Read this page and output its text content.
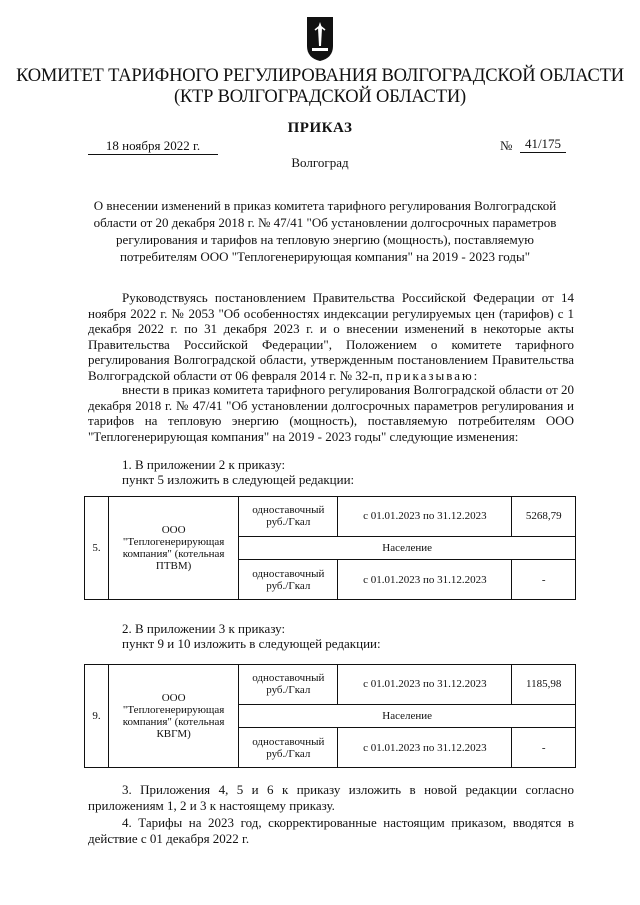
КОМИТЕТ ТАРИФНОГО РЕГУЛИРОВАНИЯ ВОЛГОГРАДСКОЙ ОБЛАСТИ
(КТР ВОЛГОГРАДСКОЙ ОБЛАСТИ)
ПРИКАЗ
18 ноября 2022 г.	№ 41/175
Волгоград
О внесении изменений в приказ комитета тарифного регулирования Волгоградской области от 20 декабря 2018 г. № 47/41 "Об установлении долгосрочных параметров регулирования и тарифов на тепловую энергию (мощность), поставляемую потребителям ООО "Теплогенерирующая компания" на 2019 - 2023 годы"
Руководствуясь постановлением Правительства Российской Федерации от 14 ноября 2022 г. № 2053 "Об особенностях индексации регулируемых цен (тарифов) с 1 декабря 2022 г. по 31 декабря 2023 г. и о внесении изменений в некоторые акты Правительства Российской Федерации", Положением о комитете тарифного регулирования Волгоградской области, утвержденным постановлением Правительства Волгоградской области от 06 февраля 2014 г. № 32-п, приказываю:
внести в приказ комитета тарифного регулирования Волгоградской области от 20 декабря 2018 г. № 47/41 "Об установлении долгосрочных параметров регулирования и тарифов на тепловую энергию (мощность), поставляемую потребителям ООО "Теплогенерирующая компания" на 2019 - 2023 годы" следующие изменения:
1. В приложении 2 к приказу:
пункт 5 изложить в следующей редакции:
5.	ООО "Теплогенерирующая компания" (котельная ПТВМ)	одноставочный руб./Гкал	с 01.01.2023 по 31.12.2023	5268,79
		Население		
		одноставочный руб./Гкал	с 01.01.2023 по 31.12.2023	-
2. В приложении 3 к приказу:
пункт 9 и 10 изложить в следующей редакции:
9.	ООО "Теплогенерирующая компания" (котельная КВГМ)	одноставочный руб./Гкал	с 01.01.2023 по 31.12.2023	1185,98
		Население		
		одноставочный руб./Гкал	с 01.01.2023 по 31.12.2023	-
3. Приложения 4, 5 и 6 к приказу изложить в новой редакции согласно приложениям 1, 2 и 3 к настоящему приказу.
4. Тарифы на 2023 год, скорректированные настоящим приказом, вводятся в действие с 01 декабря 2022 г.
